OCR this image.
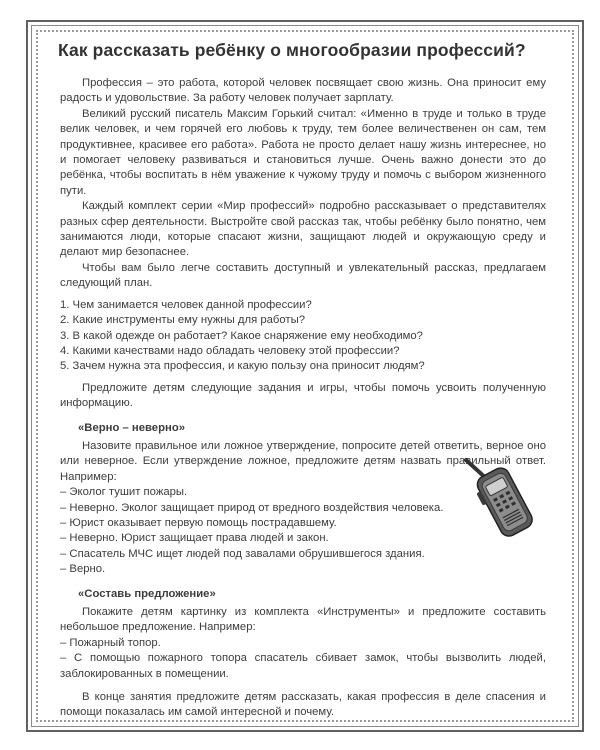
Как рассказать ребёнку о многообразии профессий?

Профессия – это работа, которой человек посвящает свою жизнь. Она приносит ему радость и удовольствие. За работу человек получает зарплату.

Великий русский писатель Максим Горький считал: «Именно в труде и только в труде велик человек, и чем горячей его любовь к труду, тем более величественен он сам, тем продуктивнее, красивее его работа». Работа не просто делает нашу жизнь интереснее, но и помогает человеку развиваться и становиться лучше. Очень важно донести это до ребёнка, чтобы воспитать в нём уважение к чужому труду и помочь с выбором жизненного пути.

Каждый комплект серии «Мир профессий» подробно рассказывает о представителях разных сфер деятельности. Выстройте свой рассказ так, чтобы ребёнку было понятно, чем занимаются люди, которые спасают жизни, защищают людей и окружающую среду и делают мир безопаснее.

Чтобы вам было легче составить доступный и увлекательный рассказ, предлагаем следующий план.

1. Чем занимается человек данной профессии?
2. Какие инструменты ему нужны для работы?
3. В какой одежде он работает? Какое снаряжение ему необходимо?
4. Какими качествами надо обладать человеку этой профессии?
5. Зачем нужна эта профессия, и какую пользу она приносит людям?

Предложите детям следующие задания и игры, чтобы помочь усвоить полученную информацию.

«Верно – неверно»

Назовите правильное или ложное утверждение, попросите детей ответить, верное оно или неверное. Если утверждение ложное, предложите детям назвать правильный ответ. Например:

– Эколог тушит пожары.

– Неверно. Эколог защищает природ от вредного воздействия человека.

– Юрист оказывает первую помощь пострадавшему.

– Неверно. Юрист защищает права людей и закон.

– Спасатель МЧС ищет людей под завалами обрушившегося здания.

– Верно.

«Составь предложение»

Покажите детям картинку из комплекта «Инструменты» и предложите составить небольшое предложение. Например:

– Пожарный топор.

– С помощью пожарного топора спасатель сбивает замок, чтобы вызволить людей, заблокированных в помещении.

В конце занятия предложите детям рассказать, какая профессия в деле спасения и помощи показалась им самой интересной и почему.
